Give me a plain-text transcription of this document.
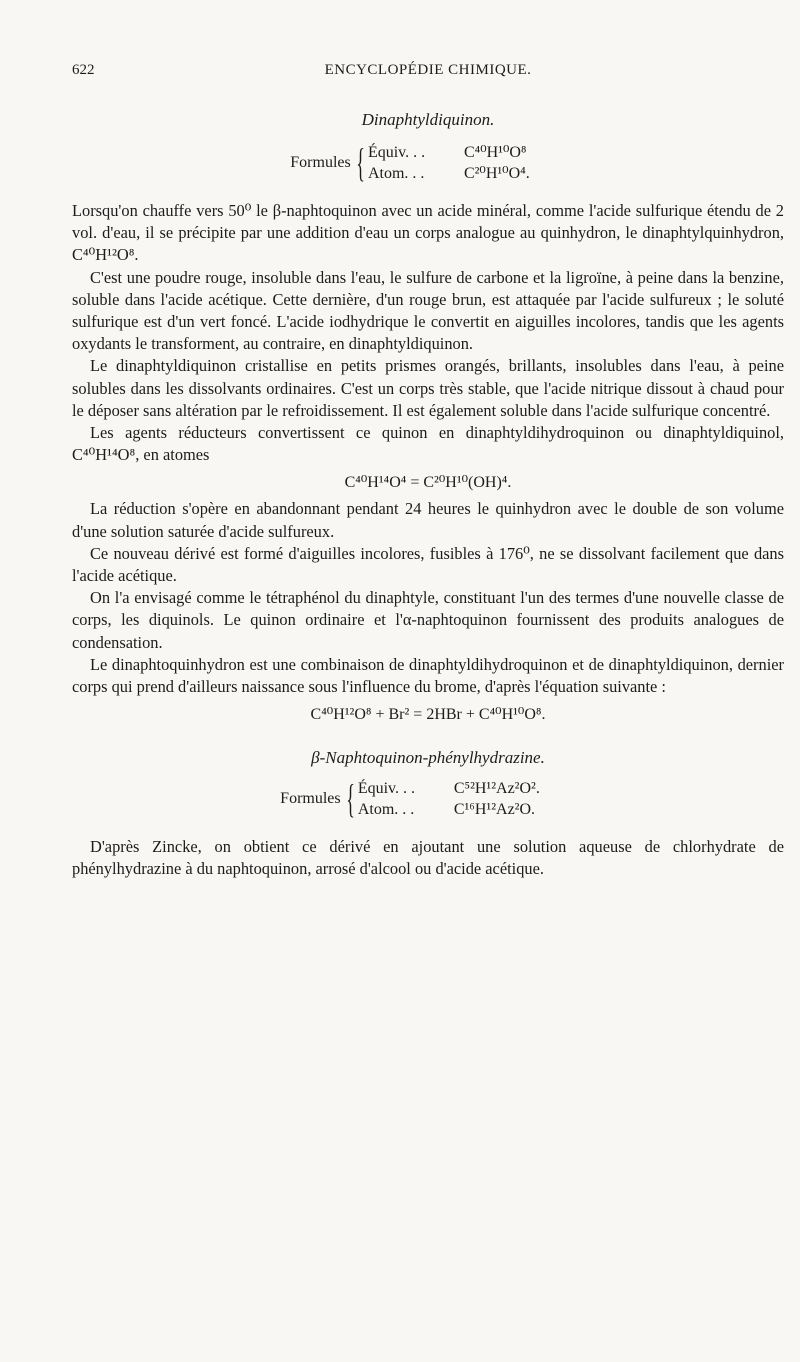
622	ENCYCLOPÉDIE CHIMIQUE.
Dinaphtyldiquinon.
Formules { Équiv. . .	C⁴⁰H¹⁰O⁸
Atom. . .	C²⁰H¹⁰O⁴.

Lorsqu'on chauffe vers 50⁰ le β-naphtoquinon avec un acide minéral, comme l'acide sulfurique étendu de 2 vol. d'eau, il se précipite par une addition d'eau un corps analogue au quinhydron, le dinaphtylquinhydron, C⁴⁰H¹²O⁸.

C'est une poudre rouge, insoluble dans l'eau, le sulfure de carbone et la ligroïne, à peine dans la benzine, soluble dans l'acide acétique. Cette dernière, d'un rouge brun, est attaquée par l'acide sulfureux ; le soluté sulfurique est d'un vert foncé. L'acide iodhydrique le convertit en aiguilles incolores, tandis que les agents oxydants le transforment, au contraire, en dinaphtyldiquinon.

Le dinaphtyldiquinon cristallise en petits prismes orangés, brillants, insolubles dans l'eau, à peine solubles dans les dissolvants ordinaires. C'est un corps très stable, que l'acide nitrique dissout à chaud pour le déposer sans altération par le refroidissement. Il est également soluble dans l'acide sulfurique concentré.

Les agents réducteurs convertissent ce quinon en dinaphtyldihydroquinon ou dinaphtyldiquinol, C⁴⁰H¹⁴O⁸, en atomes

C⁴⁰H¹⁴O⁴ = C²⁰H¹⁰(OH)⁴.

La réduction s'opère en abandonnant pendant 24 heures le quinhydron avec le double de son volume d'une solution saturée d'acide sulfureux.

Ce nouveau dérivé est formé d'aiguilles incolores, fusibles à 176⁰, ne se dissolvant facilement que dans l'acide acétique.

On l'a envisagé comme le tétraphénol du dinaphtyle, constituant l'un des termes d'une nouvelle classe de corps, les diquinols. Le quinon ordinaire et l'α-naphtoquinon fournissent des produits analogues de condensation.

Le dinaphtoquinhydron est une combinaison de dinaphtyldihydroquinon et de dinaphtyldiquinon, dernier corps qui prend d'ailleurs naissance sous l'influence du brome, d'après l'équation suivante :

C⁴⁰H¹²O⁸ + Br² = 2HBr + C⁴⁰H¹⁰O⁸.
β-Naphtoquinon-phénylhydrazine.
Formules { Équiv. . .	C⁵²H¹²Az²O².
Atom. . .	C¹⁶H¹²Az²O.

D'après Zincke, on obtient ce dérivé en ajoutant une solution aqueuse de chlorhydrate de phénylhydrazine à du naphtoquinon, arrosé d'alcool ou d'acide acétique.
